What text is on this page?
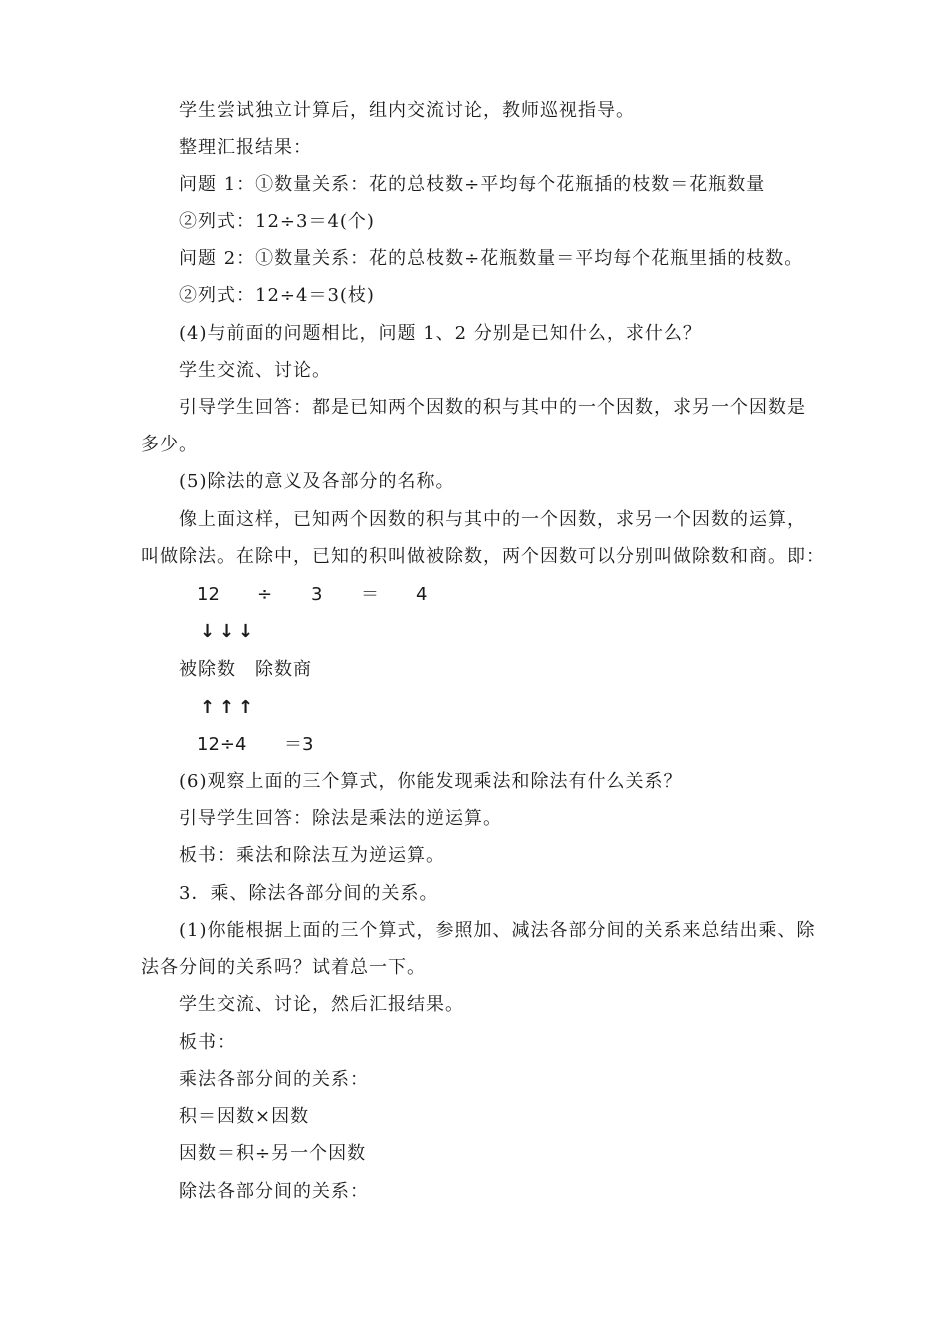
学生尝试独立计算后，组内交流讨论，教师巡视指导。
整理汇报结果：
问题 1：①数量关系：花的总枝数÷平均每个花瓶插的枝数＝花瓶数量
②列式：12÷3＝4(个)
问题 2：①数量关系：花的总枝数÷花瓶数量＝平均每个花瓶里插的枝数。
②列式：12÷4＝3(枝)
(4)与前面的问题相比，问题 1、2 分别是已知什么，求什么？
学生交流、讨论。
引导学生回答：都是已知两个因数的积与其中的一个因数，求另一个因数是
多少。
(5)除法的意义及各部分的名称。
像上面这样，已知两个因数的积与其中的一个因数，求另一个因数的运算，
叫做除法。在除中，已知的积叫做被除数，两个因数可以分别叫做除数和商。即：
12 ÷ 3 ＝ 4
↓ ↓ ↓
被除数　除数商
↑ ↑ ↑
12÷4 ＝3
(6)观察上面的三个算式，你能发现乘法和除法有什么关系？
引导学生回答：除法是乘法的逆运算。
板书：乘法和除法互为逆运算。
3．乘、除法各部分间的关系。
(1)你能根据上面的三个算式，参照加、减法各部分间的关系来总结出乘、除
法各分间的关系吗？试着总一下。
学生交流、讨论，然后汇报结果。
板书：
乘法各部分间的关系：
积＝因数×因数
因数＝积÷另一个因数
除法各部分间的关系：
